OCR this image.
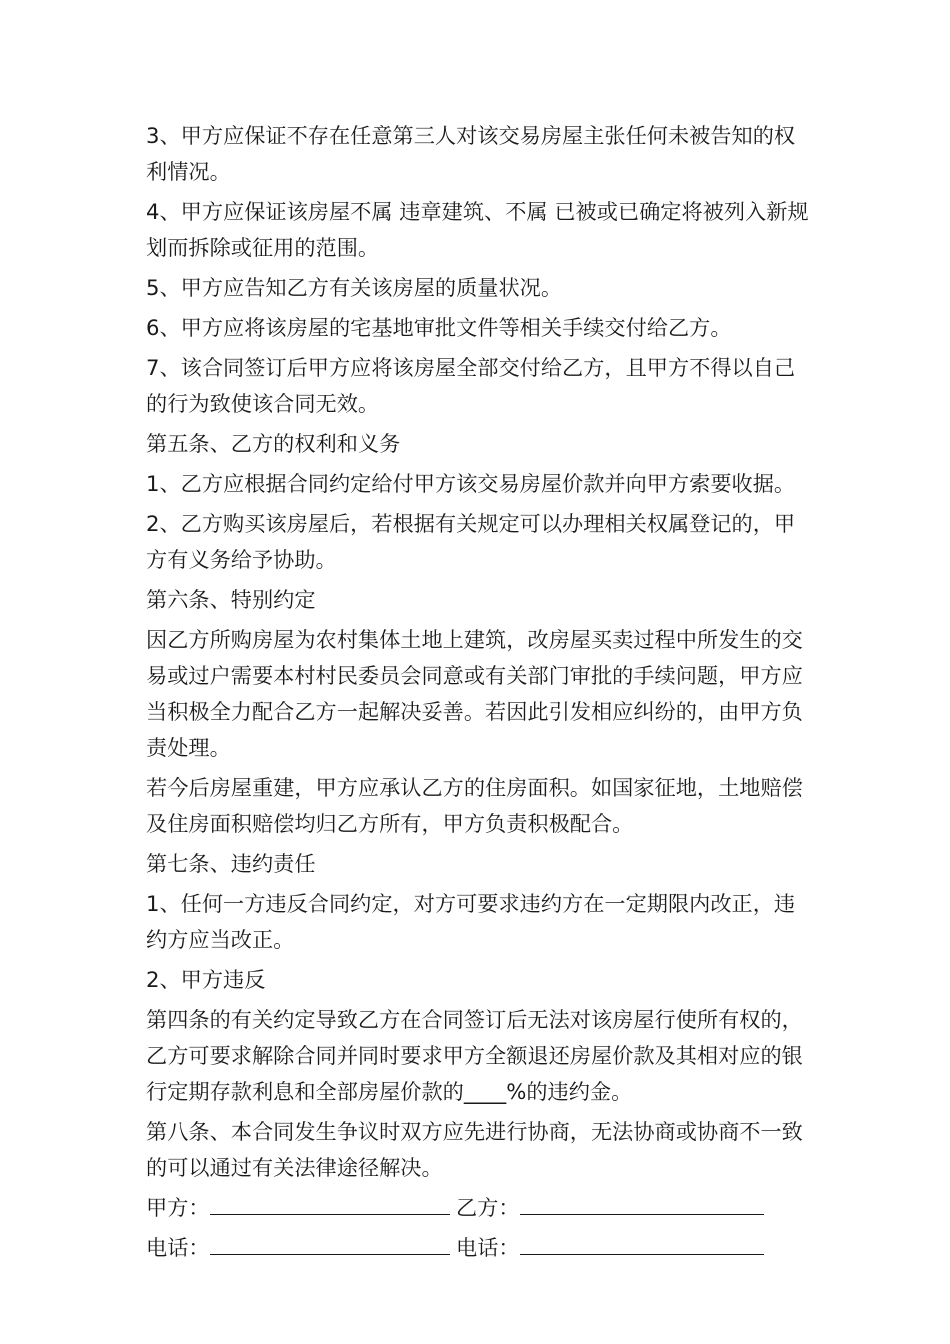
3、甲方应保证不存在任意第三人对该交易房屋主张任何未被告知的权利情况。

4、甲方应保证该房屋不属 违章建筑、不属 已被或已确定将被列入新规划而拆除或征用的范围。

5、甲方应告知乙方有关该房屋的质量状况。

6、甲方应将该房屋的宅基地审批文件等相关手续交付给乙方。

7、该合同签订后甲方应将该房屋全部交付给乙方，且甲方不得以自己的行为致使该合同无效。

第五条、乙方的权利和义务

1、乙方应根据合同约定给付甲方该交易房屋价款并向甲方索要收据。

2、乙方购买该房屋后，若根据有关规定可以办理相关权属登记的，甲方有义务给予协助。

第六条、特别约定

因乙方所购房屋为农村集体土地上建筑，改房屋买卖过程中所发生的交易或过户需要本村村民委员会同意或有关部门审批的手续问题，甲方应当积极全力配合乙方一起解决妥善。若因此引发相应纠纷的，由甲方负责处理。

若今后房屋重建，甲方应承认乙方的住房面积。如国家征地，土地赔偿及住房面积赔偿均归乙方所有，甲方负责积极配合。

第七条、违约责任

1、任何一方违反合同约定，对方可要求违约方在一定期限内改正，违约方应当改正。

2、甲方违反

第四条的有关约定导致乙方在合同签订后无法对该房屋行使所有权的，乙方可要求解除合同并同时要求甲方全额退还房屋价款及其相对应的银行定期存款利息和全部房屋价款的____%的违约金。

第八条、本合同发生争议时双方应先进行协商，无法协商或协商不一致的可以通过有关法律途径解决。

甲方：	乙方：
电话：	电话：
